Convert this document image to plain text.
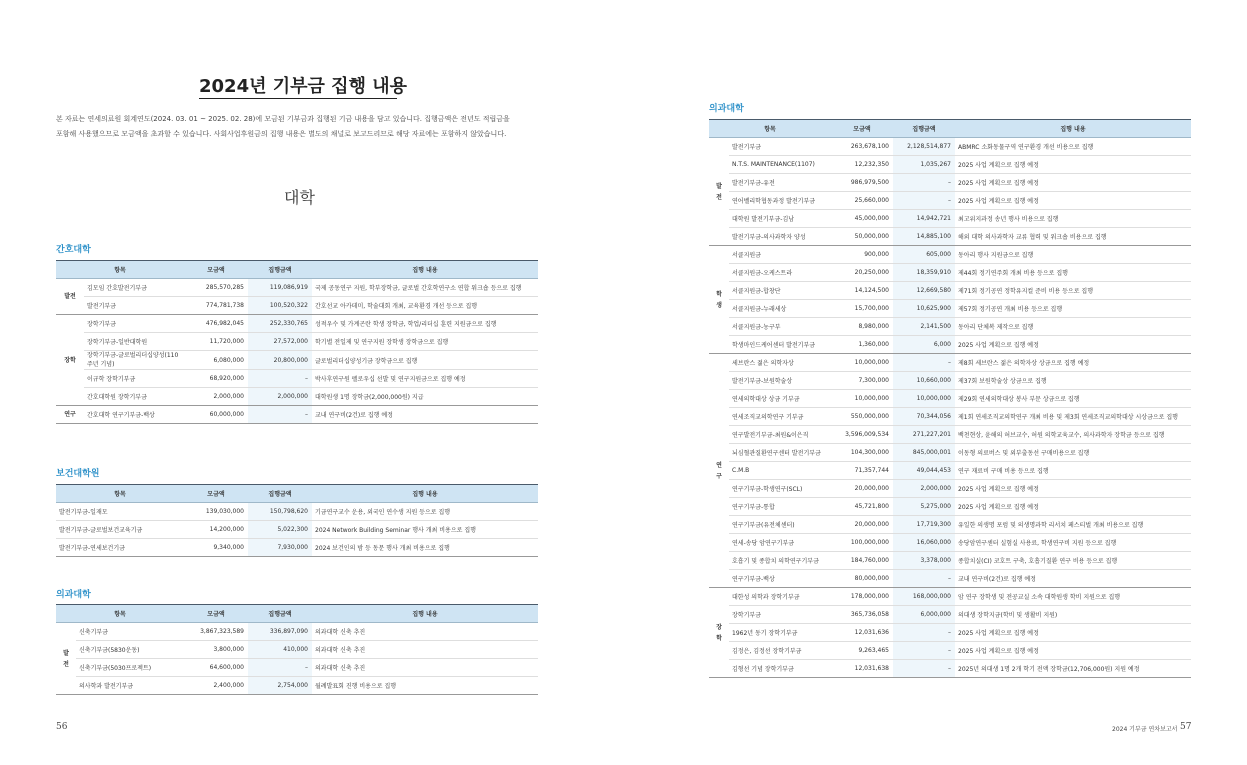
2024년 기부금 집행 내용
본 자료는 연세의료원 회계연도(2024. 03. 01 ~ 2025. 02. 28)에 모금된 기부금과 집행된 기금 내용을 담고 있습니다. 집행금액은 전년도 적립금을
포함해 사용했으므로 모금액을 초과할 수 있습니다. 사회사업후원금의 집행 내용은 별도의 채널로 보고드리므로 해당 자료에는 포함하지 않았습니다.
대학
간호대학
항목		모금액	집행금액	집행 내용
발전	김모임 간호발전기부금	285,570,285	119,086,919	국제 공동연구 지원, 학부장학금, 글로벌 간호학연구소 연합 워크숍 등으로 집행
	발전기부금	774,781,738	100,520,322	간호선교 아카데미, 학술대회 개최, 교육환경 개선 등으로 집행
장학	장학기부금	476,982,045	252,330,765	성적우수 및 가계곤란 학생 장학금, 학업/리더십 훈련 지원금으로 집행
	장학기부금-일반대학원	11,720,000	27,572,000	학기별 전일제 및 연구지원 장학생 장학금으로 집행
	장학기부금-글로벌리더십양성(110주년 기념)	6,080,000	20,800,000	글로벌리더십양성기금 장학금으로 집행
	이규학 장학기부금	68,920,000	–	박사후연구원 펠로우십 선발 및 연구지원금으로 집행 예정
	간호대학원 장학기부금	2,000,000	2,000,000	대학원생 1명 장학금(2,000,000원) 지급
연구	간호대학 연구기부금-백상	60,000,000	–	교내 연구비(2건)로 집행 예정
보건대학원
항목	모금액	집행금액	집행 내용
발전기부금-일재모	139,030,000	150,798,620	기금연구교수 운용, 외국인 연수생 지원 등으로 집행
발전기부금-글로벌보건교육기금	14,200,000	5,022,300	2024 Network Building Seminar 행사 개최 비용으로 집행
발전기부금-연세보건기금	9,340,000	7,930,000	2024 보건인의 밤 등 동문 행사 개최 비용으로 집행
의과대학
항목		모금액	집행금액	집행 내용
발
전	신축기부금	3,867,323,589	336,897,090	의과대학 신축 추진
	신축기부금(5830운동)	3,800,000	410,000	의과대학 신축 추진
	신축기부금(5030프로젝트)	64,600,000	–	의과대학 신축 추진
	의사학과 발전기부금	2,400,000	2,754,000	월례발표회 진행 비용으로 집행
56
의과대학
항목		모금액	집행금액	집행 내용
발
전	발전기부금	263,678,100	2,128,514,877	ABMRC 소화동물구역 연구환경 개선 비용으로 집행
	N.T.S. MAINTENANCE(1107)	12,232,350	1,035,267	2025 사업 계획으로 집행 예정
	발전기부금-유전	986,979,500	–	2025 사업 계획으로 집행 예정
	연어벨리학협동과정 발전기부금	25,660,000	–	2025 사업 계획으로 집행 예정
	대학원 발전기부금-김남	45,000,000	14,942,721	최고위지과정 송년 행사 비용으로 집행
	발전기부금-의사과학자 양성	50,000,000	14,885,100	해외 대학 의사과학자 교류 협력 및 워크숍 비용으로 집행
학
생	서클지원금	900,000	605,000	동아리 행사 지원금으로 집행
	서클지원금-오케스트라	20,250,000	18,359,910	제44회 정기연주회 개최 비용 등으로 집행
	서클지원금-합창단	14,124,500	12,669,580	제71회 정기공연 정학유지컬 준비 비용 등으로 집행
	서클지원금-누래세상	15,700,000	10,625,900	제57회 정기공연 개최 비용 등으로 집행
	서클지원금-농구부	8,980,000	2,141,500	동아리 단체복 제작으로 집행
	학생마인드케어센터 발전기부금	1,360,000	6,000	2025 사업 계획으로 집행 예정
연
구	세브란스 젊은 의학자상	10,000,000	–	제8회 세브란스 젊은 의학자상 상금으로 집행 예정
	발전기부금-보원학술상	7,300,000	10,660,000	제37회 보원학술상 상금으로 집행
	연세의학대상 상금 기부금	10,000,000	10,000,000	제29회 연세의학대상 봉사 부문 상금으로 집행
	연세조직교의학연구 기부금	550,000,000	70,344,056	제1회 연세조직교의학연구 개최 비용 및 제3회 연세조직교의학대상 시상금으로 집행
	연구발전기부금-최원&이은직	3,596,009,534	271,227,201	백천현상, 윤해의 허브교수, 허원 의학교육교수, 의사과학자 장학금 등으로 집행
	뇌심혈관질환연구센터 발전기부금	104,300,000	845,000,001	이동형 의료버스 및 외부출동선 구매비용으로 집행
	C.M.B	71,357,744	49,044,453	연구 재료비 구매 비용 등으로 집행
	연구기부금-학생연구(SCL)	20,000,000	2,000,000	2025 사업 계획으로 집행 예정
	연구기부금-통합	45,721,800	5,275,000	2025 사업 계획으로 집행 예정
	연구기부금(유전체센터)	20,000,000	17,719,300	유일한 의생명 포럼 및 의생명과학 리서치 페스티벌 개최 비용으로 집행
	연세-송당 암연구기부금	100,000,000	16,060,000	송당암연구센터 실험실 사용료, 학생연구비 지원 등으로 집행
	호흡기 및 종합치 의학연구기부금	184,760,000	3,378,000	종합치실(CI) 코호트 구축, 호흡기질환 연구 비용 등으로 집행
	연구기부금-백상	80,000,000	–	교내 연구비(2건)로 집행 예정
장
학	대한성 의학과 장학기부금	178,000,000	168,000,000	암 연구 장학생 및 전공교실 소속 대학원생 학비 지원으로 집행
	장학기부금	365,736,058	6,000,000	의대생 장학지금(학비 및 생활비 지원)
	1962년 동기 장학기부금	12,031,636	–	2025 사업 계획으로 집행 예정
	김정은, 김정선 장학기부금	9,263,465	–	2025 사업 계획으로 집행 예정
	김형선 기념 장학기부금	12,031,638	–	2025년 의대생 1명 2개 학기 전액 장학금(12,706,000원) 지원 예정
2024 기부금 연차보고서 57
